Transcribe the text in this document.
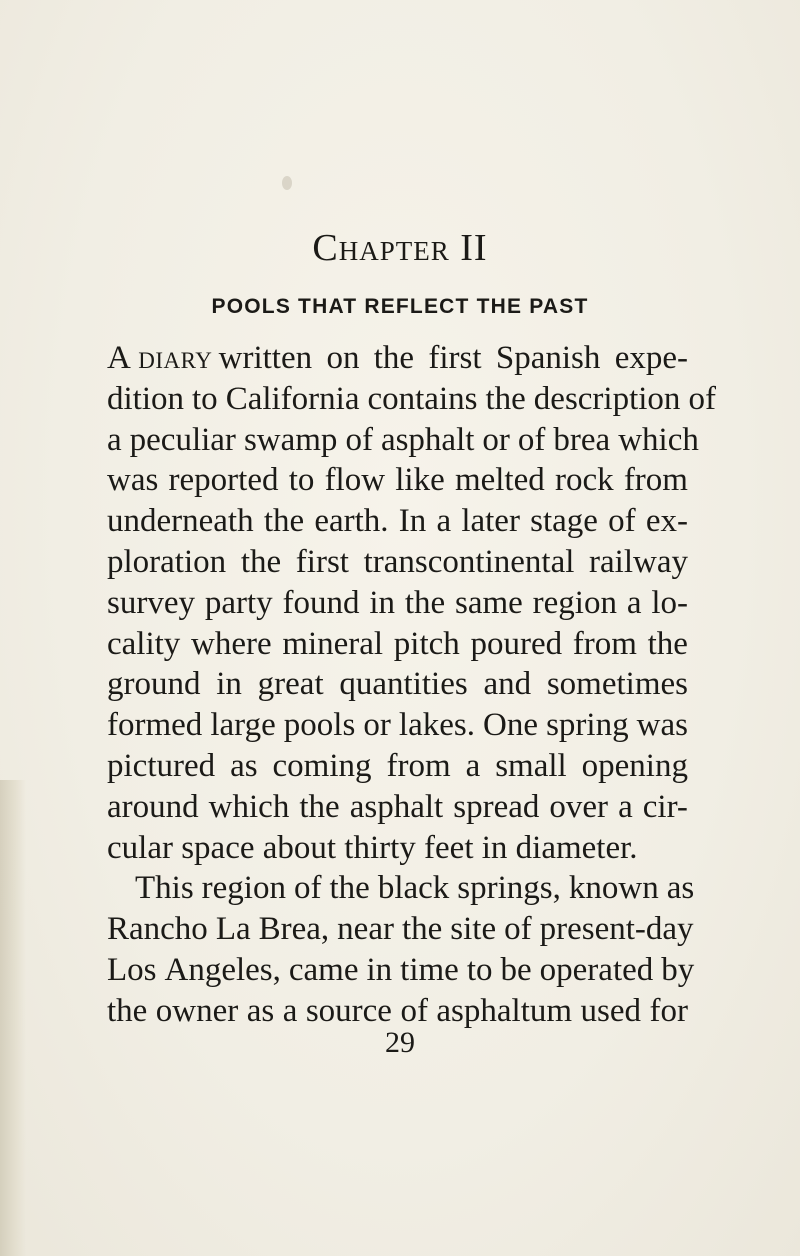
Chapter II
POOLS THAT REFLECT THE PAST
A diary written on the first Spanish expe-
dition to California contains the description of
a peculiar swamp of asphalt or of brea which
was reported to flow like melted rock from
underneath the earth. In a later stage of ex-
ploration the first transcontinental railway
survey party found in the same region a lo-
cality where mineral pitch poured from the
ground in great quantities and sometimes
formed large pools or lakes. One spring was
pictured as coming from a small opening
around which the asphalt spread over a cir-
cular space about thirty feet in diameter.
This region of the black springs, known as
Rancho La Brea, near the site of present-day
Los Angeles, came in time to be operated by
the owner as a source of asphaltum used for
29
